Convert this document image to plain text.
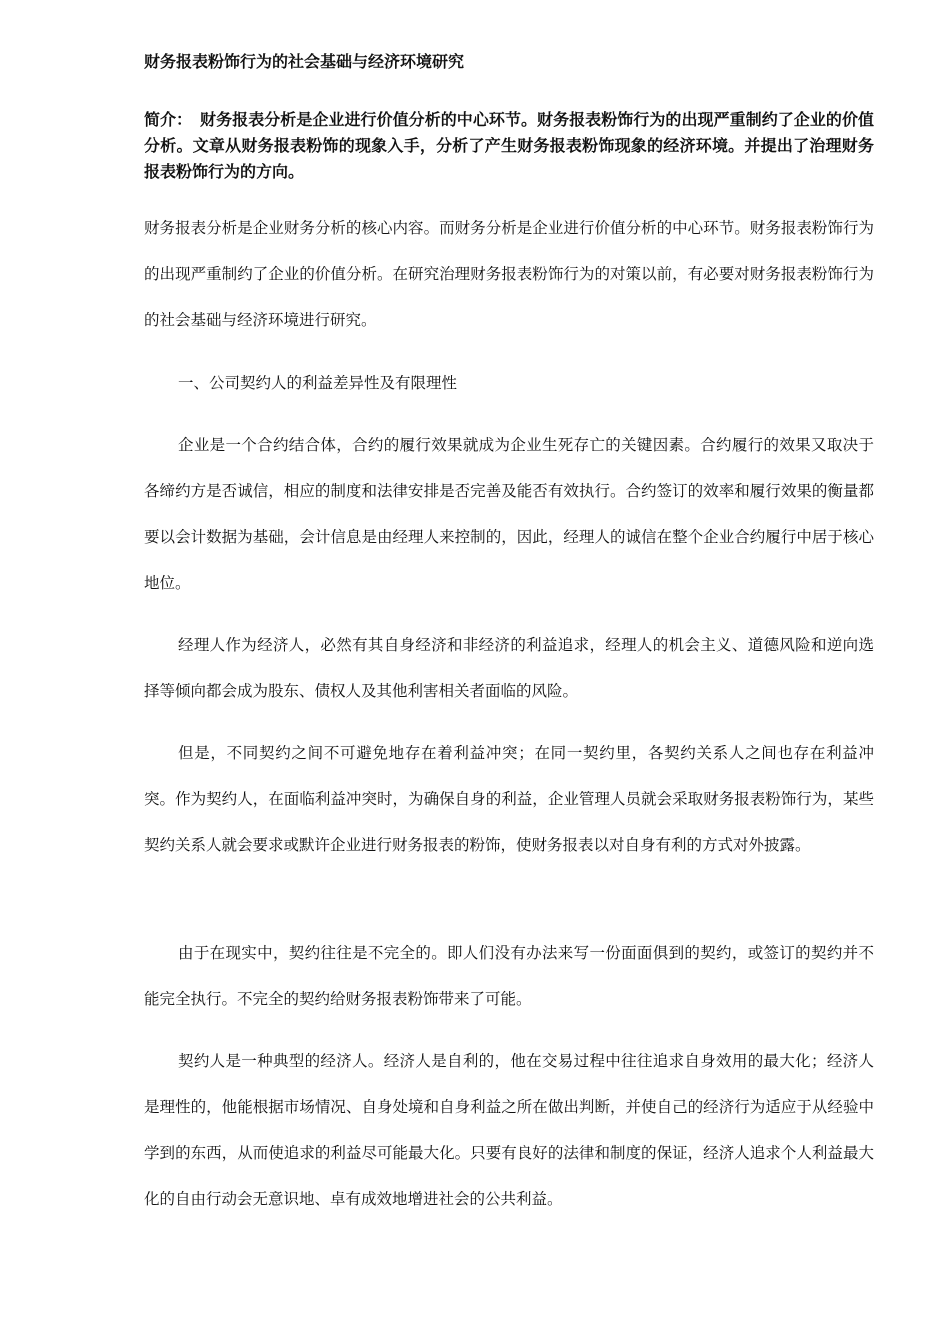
财务报表粉饰行为的社会基础与经济环境研究
简介： 财务报表分析是企业进行价值分析的中心环节。财务报表粉饰行为的出现严重制约了企业的价值分析。文章从财务报表粉饰的现象入手，分析了产生财务报表粉饰现象的经济环境。并提出了治理财务报表粉饰行为的方向。

财务报表分析是企业财务分析的核心内容。而财务分析是企业进行价值分析的中心环节。财务报表粉饰行为的出现严重制约了企业的价值分析。在研究治理财务报表粉饰行为的对策以前，有必要对财务报表粉饰行为的社会基础与经济环境进行研究。

一、公司契约人的利益差异性及有限理性

企业是一个合约结合体，合约的履行效果就成为企业生死存亡的关键因素。合约履行的效果又取决于各缔约方是否诚信，相应的制度和法律安排是否完善及能否有效执行。合约签订的效率和履行效果的衡量都要以会计数据为基础，会计信息是由经理人来控制的，因此，经理人的诚信在整个企业合约履行中居于核心地位。

经理人作为经济人，必然有其自身经济和非经济的利益追求，经理人的机会主义、道德风险和逆向选择等倾向都会成为股东、债权人及其他利害相关者面临的风险。

但是，不同契约之间不可避免地存在着利益冲突；在同一契约里，各契约关系人之间也存在利益冲突。作为契约人，在面临利益冲突时，为确保自身的利益，企业管理人员就会采取财务报表粉饰行为，某些契约关系人就会要求或默许企业进行财务报表的粉饰，使财务报表以对自身有利的方式对外披露。

由于在现实中，契约往往是不完全的。即人们没有办法来写一份面面俱到的契约，或签订的契约并不能完全执行。不完全的契约给财务报表粉饰带来了可能。

契约人是一种典型的经济人。经济人是自利的，他在交易过程中往往追求自身效用的最大化；经济人是理性的，他能根据市场情况、自身处境和自身利益之所在做出判断，并使自己的经济行为适应于从经验中学到的东西，从而使追求的利益尽可能最大化。只要有良好的法律和制度的保证，经济人追求个人利益最大化的自由行动会无意识地、卓有成效地增进社会的公共利益。
